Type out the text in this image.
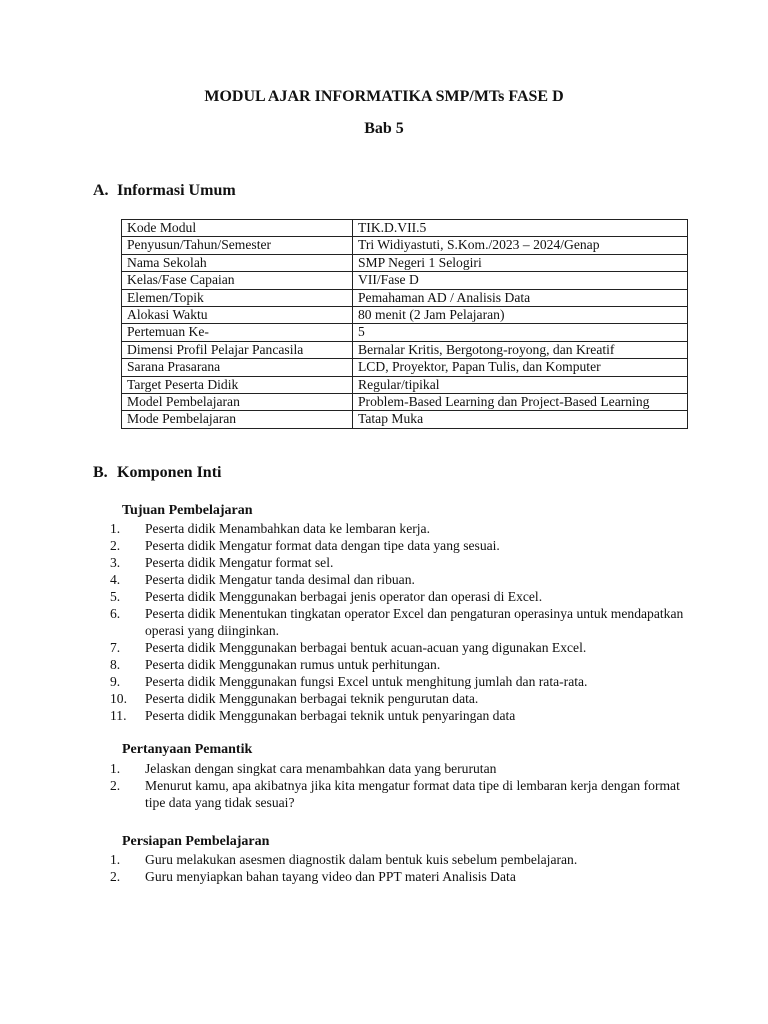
MODUL AJAR INFORMATIKA SMP/MTs FASE D
Bab 5
A. Informasi Umum
Kode Modul	TIK.D.VII.5
Penyusun/Tahun/Semester	Tri Widiyastuti, S.Kom./2023 – 2024/Genap
Nama Sekolah	SMP Negeri 1 Selogiri
Kelas/Fase Capaian	VII/Fase D
Elemen/Topik	Pemahaman AD / Analisis Data
Alokasi Waktu	80 menit (2 Jam Pelajaran)
Pertemuan Ke-	5
Dimensi Profil Pelajar Pancasila	Bernalar Kritis, Bergotong-royong, dan Kreatif
Sarana Prasarana	LCD, Proyektor, Papan Tulis, dan Komputer
Target Peserta Didik	Regular/tipikal
Model Pembelajaran	Problem-Based Learning dan Project-Based Learning
Mode Pembelajaran	Tatap Muka
B. Komponen Inti
Tujuan Pembelajaran
1.	Peserta didik Menambahkan data ke lembaran kerja.
2.	Peserta didik Mengatur format data dengan tipe data yang sesuai.
3.	Peserta didik Mengatur format sel.
4.	Peserta didik Mengatur tanda desimal dan ribuan.
5.	Peserta didik Menggunakan berbagai jenis operator dan operasi di Excel.
6.	Peserta didik Menentukan tingkatan operator Excel dan pengaturan operasinya untuk mendapatkan operasi yang diinginkan.
7.	Peserta didik Menggunakan berbagai bentuk acuan-acuan yang digunakan Excel.
8.	Peserta didik Menggunakan rumus untuk perhitungan.
9.	Peserta didik Menggunakan fungsi Excel untuk menghitung jumlah dan rata-rata.
10.	Peserta didik Menggunakan berbagai teknik pengurutan data.
11.	Peserta didik Menggunakan berbagai teknik untuk penyaringan data
Pertanyaan Pemantik
1.	Jelaskan dengan singkat cara menambahkan data yang berurutan
2.	Menurut kamu, apa akibatnya jika kita mengatur format data tipe di lembaran kerja dengan format tipe data yang tidak sesuai?
Persiapan Pembelajaran
1.	Guru melakukan asesmen diagnostik dalam bentuk kuis sebelum pembelajaran.
2.	Guru menyiapkan bahan tayang video dan PPT materi Analisis Data
